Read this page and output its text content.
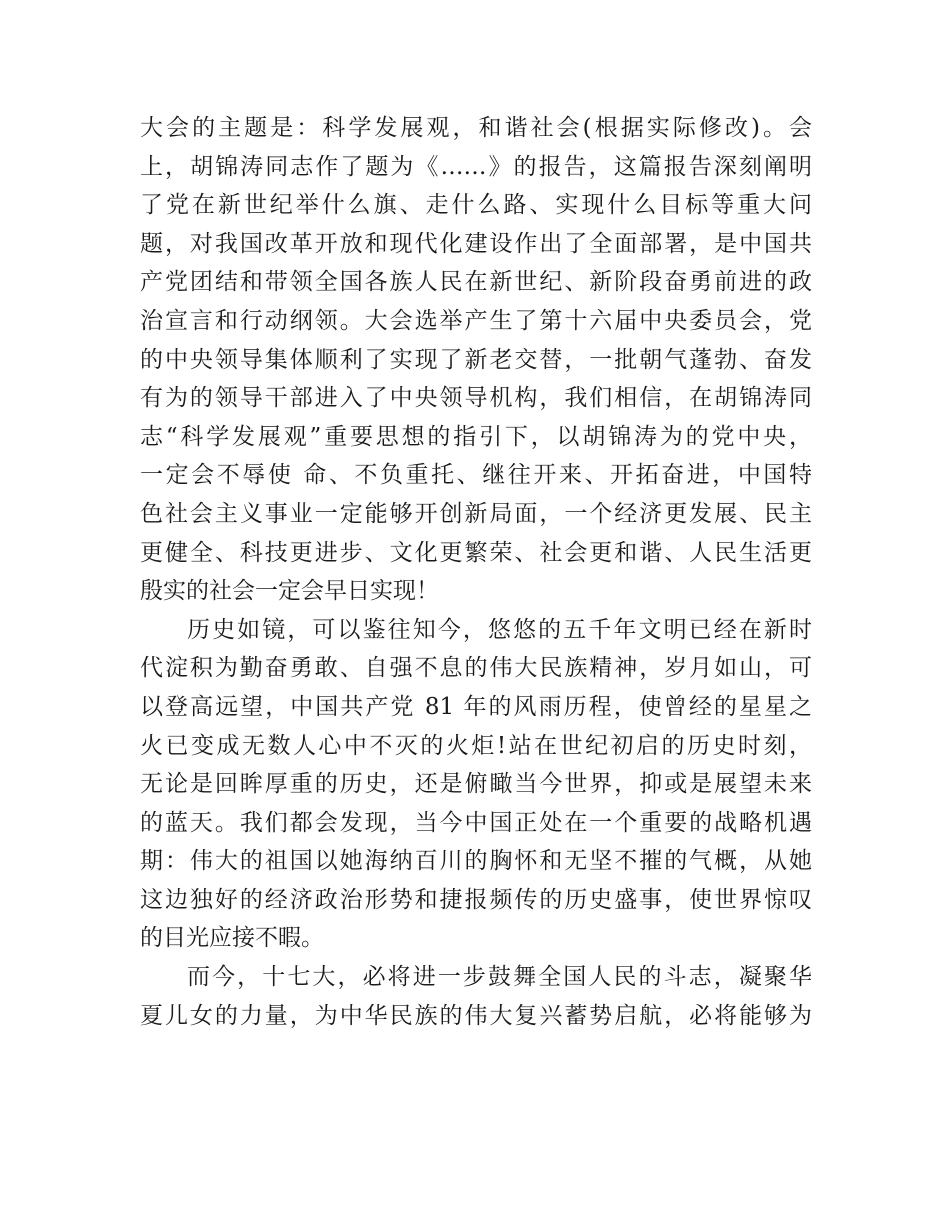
大会的主题是：科学发展观，和谐社会(根据实际修改)。会
上，胡锦涛同志作了题为《……》的报告，这篇报告深刻阐明
了党在新世纪举什么旗、走什么路、实现什么目标等重大问
题，对我国改革开放和现代化建设作出了全面部署，是中国共
产党团结和带领全国各族人民在新世纪、新阶段奋勇前进的政
治宣言和行动纲领。大会选举产生了第十六届中央委员会，党
的中央领导集体顺利了实现了新老交替，一批朝气蓬勃、奋发
有为的领导干部进入了中央领导机构，我们相信，在胡锦涛同
志“科学发展观”重要思想的指引下，以胡锦涛为的党中央，
一定会不辱使 命、不负重托、继往开来、开拓奋进，中国特
色社会主义事业一定能够开创新局面，一个经济更发展、民主
更健全、科技更进步、文化更繁荣、社会更和谐、人民生活更
殷实的社会一定会早日实现！
历史如镜，可以鉴往知今，悠悠的五千年文明已经在新时
代淀积为勤奋勇敢、自强不息的伟大民族精神，岁月如山，可
以登高远望，中国共产党 81 年的风雨历程，使曾经的星星之
火已变成无数人心中不灭的火炬!站在世纪初启的历史时刻，
无论是回眸厚重的历史，还是俯瞰当今世界，抑或是展望未来
的蓝天。我们都会发现，当今中国正处在一个重要的战略机遇
期：伟大的祖国以她海纳百川的胸怀和无坚不摧的气概，从她
这边独好的经济政治形势和捷报频传的历史盛事，使世界惊叹
的目光应接不暇。
而今，十七大，必将进一步鼓舞全国人民的斗志，凝聚华
夏儿女的力量，为中华民族的伟大复兴蓄势启航，必将能够为
